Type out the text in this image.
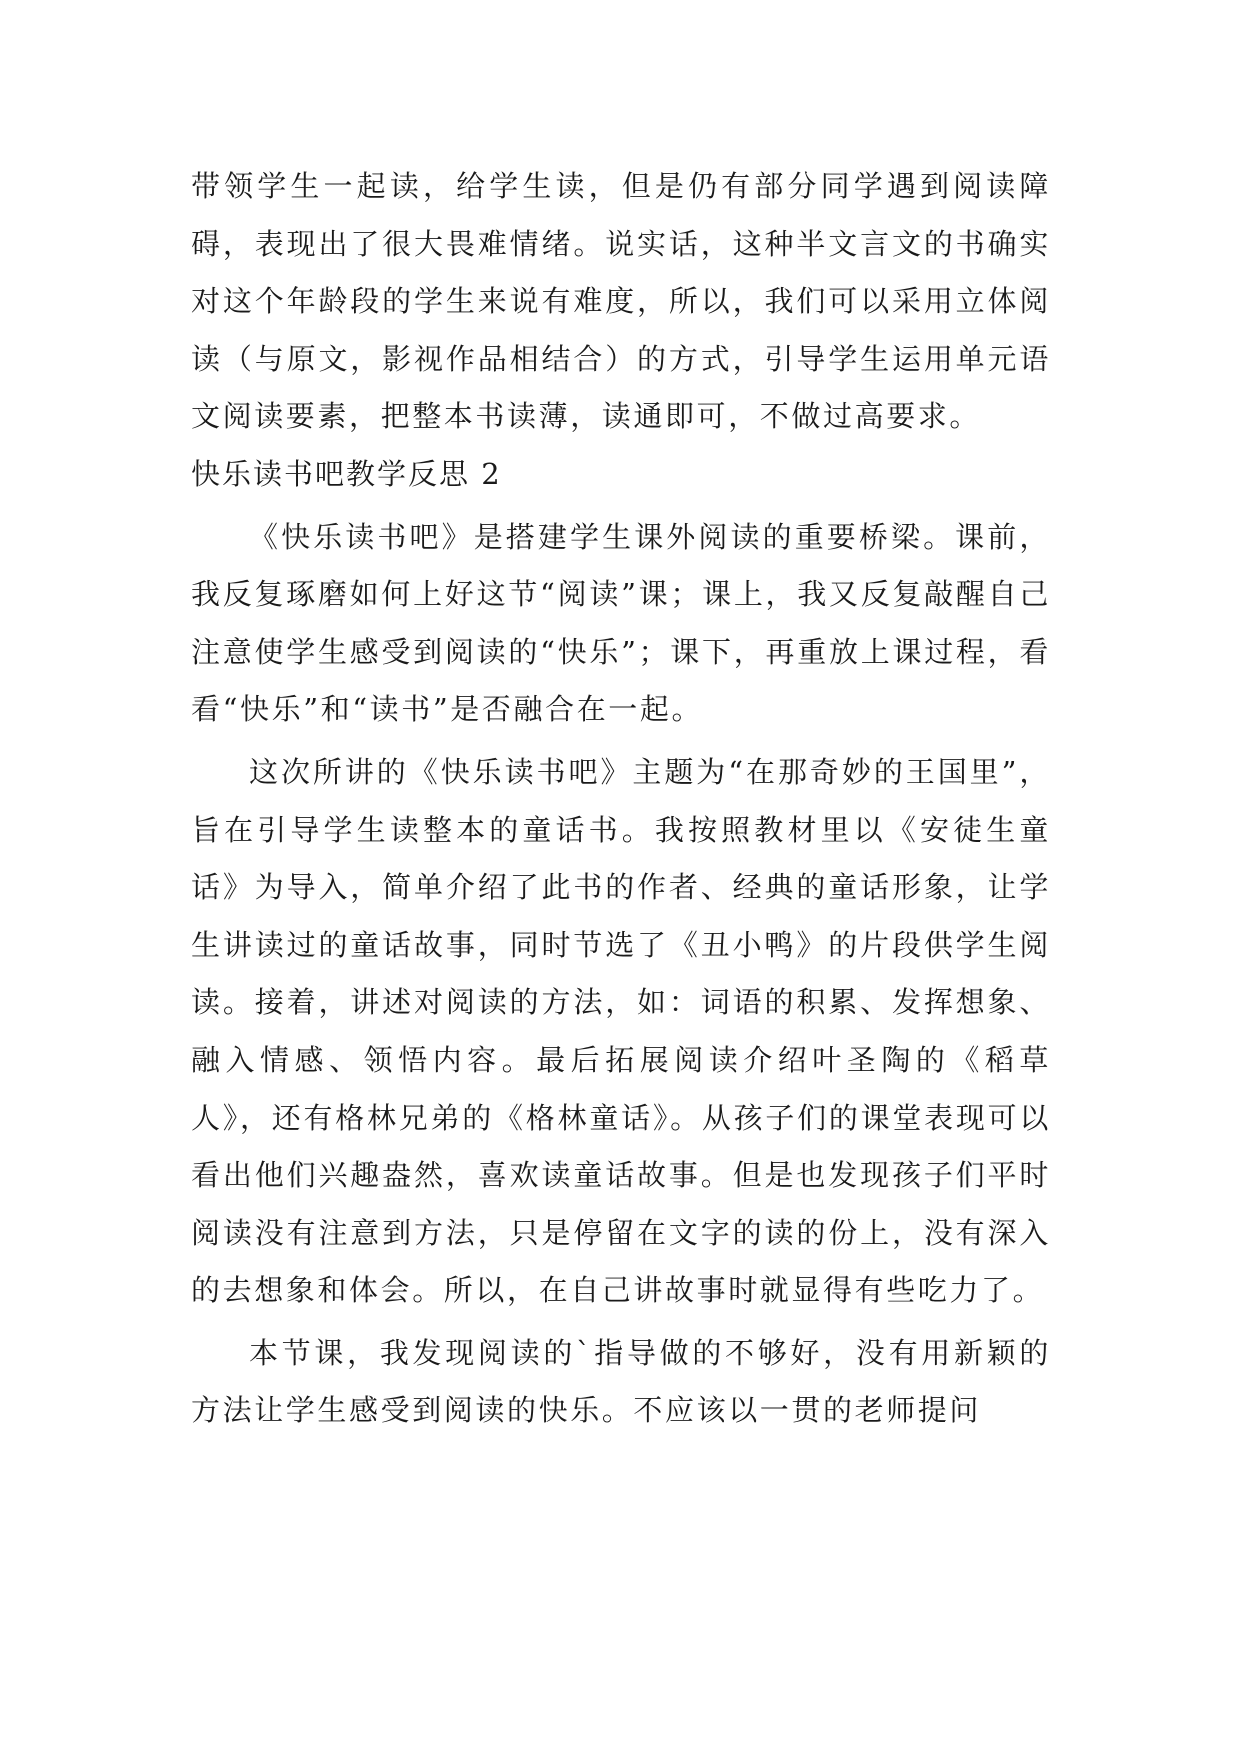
带领学生一起读，给学生读，但是仍有部分同学遇到阅读障碍，表现出了很大畏难情绪。说实话，这种半文言文的书确实对这个年龄段的学生来说有难度，所以，我们可以采用立体阅读（与原文，影视作品相结合）的方式，引导学生运用单元语文阅读要素，把整本书读薄，读通即可，不做过高要求。

快乐读书吧教学反思 2

《快乐读书吧》是搭建学生课外阅读的重要桥梁。课前，我反复琢磨如何上好这节“阅读”课；课上，我又反复敲醒自己注意使学生感受到阅读的“快乐”；课下，再重放上课过程，看看“快乐”和“读书”是否融合在一起。

这次所讲的《快乐读书吧》主题为“在那奇妙的王国里”，旨在引导学生读整本的童话书。我按照教材里以《安徒生童话》为导入，简单介绍了此书的作者、经典的童话形象，让学生讲读过的童话故事，同时节选了《丑小鸭》的片段供学生阅读。接着，讲述对阅读的方法，如：词语的积累、发挥想象、融入情感、领悟内容。最后拓展阅读介绍叶圣陶的《稻草人》，还有格林兄弟的《格林童话》。从孩子们的课堂表现可以看出他们兴趣盎然，喜欢读童话故事。但是也发现孩子们平时阅读没有注意到方法，只是停留在文字的读的份上，没有深入的去想象和体会。所以，在自己讲故事时就显得有些吃力了。

本节课，我发现阅读的`指导做的不够好，没有用新颖的方法让学生感受到阅读的快乐。不应该以一贯的老师提问
